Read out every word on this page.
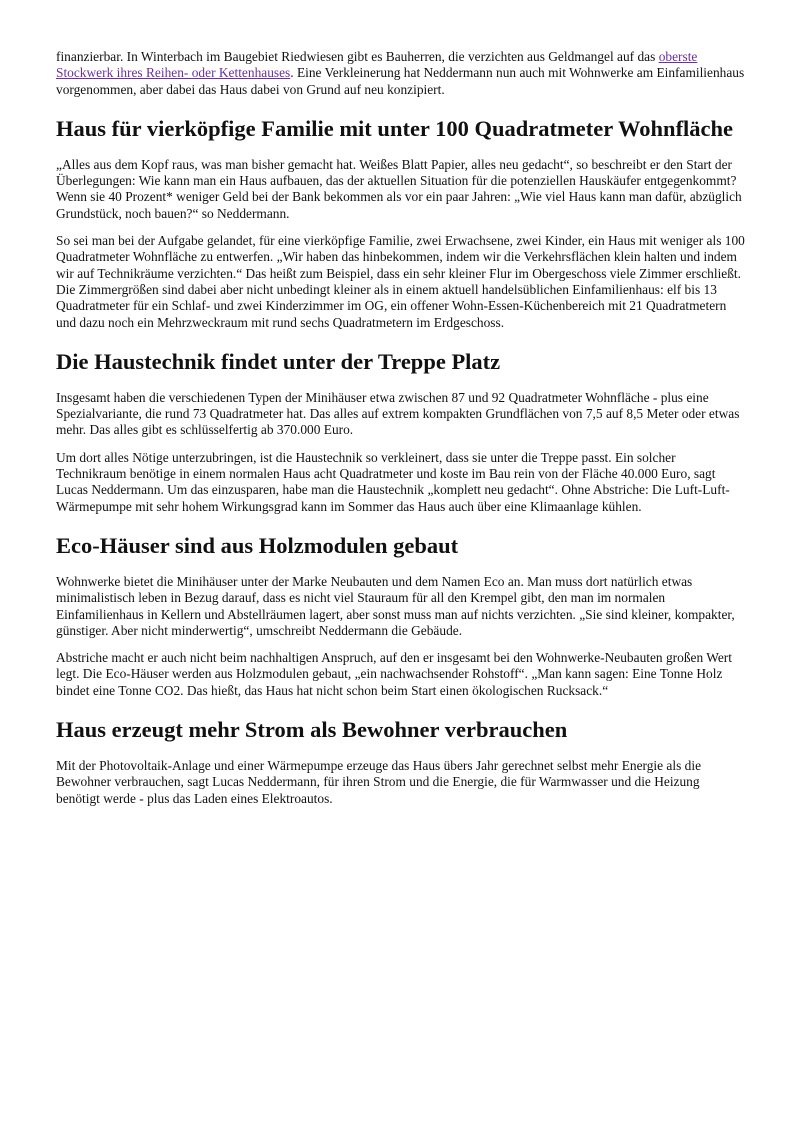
finanzierbar. In Winterbach im Baugebiet Riedwiesen gibt es Bauherren, die verzichten aus Geldmangel auf das oberste Stockwerk ihres Reihen- oder Kettenhauses. Eine Verkleinerung hat Neddermann nun auch mit Wohnwerke am Einfamilienhaus vorgenommen, aber dabei das Haus dabei von Grund auf neu konzipiert.

Haus für vierköpfige Familie mit unter 100 Quadratmeter Wohnfläche

„Alles aus dem Kopf raus, was man bisher gemacht hat. Weißes Blatt Papier, alles neu gedacht“, so beschreibt er den Start der Überlegungen: Wie kann man ein Haus aufbauen, das der aktuellen Situation für die potenziellen Hauskäufer entgegenkommt? Wenn sie 40 Prozent* weniger Geld bei der Bank bekommen als vor ein paar Jahren: „Wie viel Haus kann man dafür, abzüglich Grundstück, noch bauen?“ so Neddermann.

So sei man bei der Aufgabe gelandet, für eine vierköpfige Familie, zwei Erwachsene, zwei Kinder, ein Haus mit weniger als 100 Quadratmeter Wohnfläche zu entwerfen. „Wir haben das hinbekommen, indem wir die Verkehrsflächen klein halten und indem wir auf Technikräume verzichten.“ Das heißt zum Beispiel, dass ein sehr kleiner Flur im Obergeschoss viele Zimmer erschließt. Die Zimmergrößen sind dabei aber nicht unbedingt kleiner als in einem aktuell handelsüblichen Einfamilienhaus: elf bis 13 Quadratmeter für ein Schlaf- und zwei Kinderzimmer im OG, ein offener Wohn-Essen-Küchenbereich mit 21 Quadratmetern und dazu noch ein Mehrzweckraum mit rund sechs Quadratmetern im Erdgeschoss.

Die Haustechnik findet unter der Treppe Platz

Insgesamt haben die verschiedenen Typen der Minihäuser etwa zwischen 87 und 92 Quadratmeter Wohnfläche - plus eine Spezialvariante, die rund 73 Quadratmeter hat. Das alles auf extrem kompakten Grundflächen von 7,5 auf 8,5 Meter oder etwas mehr. Das alles gibt es schlüsselfertig ab 370.000 Euro.

Um dort alles Nötige unterzubringen, ist die Haustechnik so verkleinert, dass sie unter die Treppe passt. Ein solcher Technikraum benötige in einem normalen Haus acht Quadratmeter und koste im Bau rein von der Fläche 40.000 Euro, sagt Lucas Neddermann. Um das einzusparen, habe man die Haustechnik „komplett neu gedacht“. Ohne Abstriche: Die Luft-Luft-Wärmepumpe mit sehr hohem Wirkungsgrad kann im Sommer das Haus auch über eine Klimaanlage kühlen.

Eco-Häuser sind aus Holzmodulen gebaut

Wohnwerke bietet die Minihäuser unter der Marke Neubauten und dem Namen Eco an. Man muss dort natürlich etwas minimalistisch leben in Bezug darauf, dass es nicht viel Stauraum für all den Krempel gibt, den man im normalen Einfamilienhaus in Kellern und Abstellräumen lagert, aber sonst muss man auf nichts verzichten. „Sie sind kleiner, kompakter, günstiger. Aber nicht minderwertig“, umschreibt Neddermann die Gebäude.

Abstriche macht er auch nicht beim nachhaltigen Anspruch, auf den er insgesamt bei den Wohnwerke-Neubauten großen Wert legt. Die Eco-Häuser werden aus Holzmodulen gebaut, „ein nachwachsender Rohstoff“. „Man kann sagen: Eine Tonne Holz bindet eine Tonne CO2. Das hießt, das Haus hat nicht schon beim Start einen ökologischen Rucksack.“

Haus erzeugt mehr Strom als Bewohner verbrauchen

Mit der Photovoltaik-Anlage und einer Wärmepumpe erzeuge das Haus übers Jahr gerechnet selbst mehr Energie als die Bewohner verbrauchen, sagt Lucas Neddermann, für ihren Strom und die Energie, die für Warmwasser und die Heizung benötigt werde - plus das Laden eines Elektroautos.
